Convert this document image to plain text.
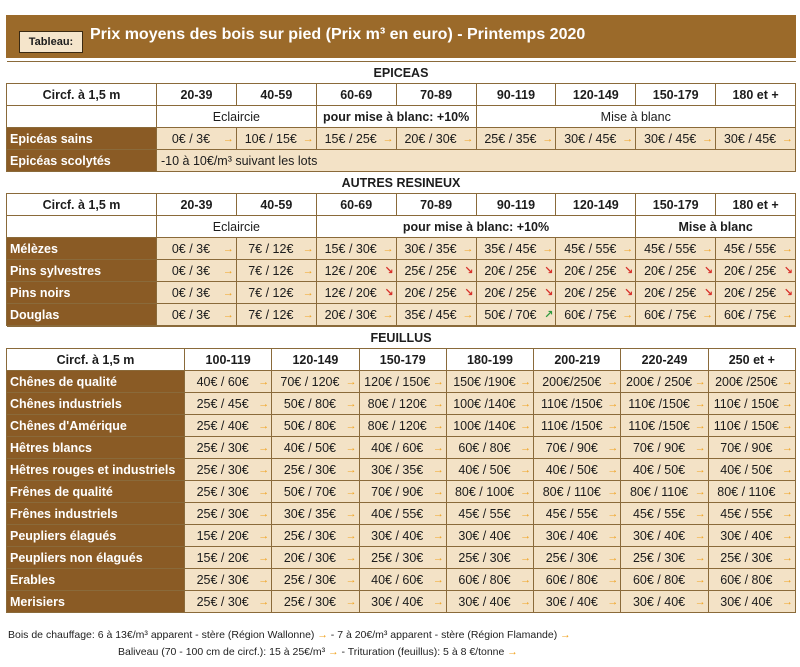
Tableau:	Prix moyens des bois sur pied (Prix m³ en euro) - Printemps 2020
EPICEAS								
Circf. à 1,5 m	20-39	40-59	60-69	70-89	90-119	120-149	150-179	180 et +
	Eclaircie		pour mise à blanc: +10%		Mise à blanc			
Epicéas sains	0€ / 3€ →	10€ / 15€ →	15€ / 25€ →	20€ / 30€ →	25€ / 35€ →	30€ / 45€ →	30€ / 45€ →	30€ / 45€ →

Epicéas scolytés	-10 à 10€/m³ suivant les lots							
AUTRES RESINEUX								
Circf. à 1,5 m	20-39	40-59	60-69	70-89	90-119	120-149	150-179	180 et +
	Eclaircie		pour mise à blanc: +10%				Mise à blanc	
Mélèzes	0€ / 3€ →	7€ / 12€ →	15€ / 30€ →	30€ / 35€ →	35€ / 45€ →	45€ / 55€ →	45€ / 55€ →	45€ / 55€ →

Pins sylvestres	0€ / 3€ →	7€ / 12€ →	12€ / 20€ ↘	25€ / 25€ ↘	20€ / 25€ ↘	20€ / 25€ ↘	20€ / 25€ ↘	20€ / 25€ ↘

Pins noirs	0€ / 3€ →	7€ / 12€ →	12€ / 20€ ↘	20€ / 25€ ↘	20€ / 25€ ↘	20€ / 25€ ↘	20€ / 25€ ↘	20€ / 25€ ↘

Douglas	0€ / 3€ →	7€ / 12€ →	20€ / 30€ →	35€ / 45€ →	50€ / 70€ ↗	60€ / 75€ →	60€ / 75€ →	60€ / 75€ →
FEUILLUS							
Circf. à 1,5 m	100-119	120-149	150-179	180-199	200-219	220-249	250 et +
Chênes de qualité	40€ / 60€ →	70€ / 120€ →	120€ / 150€ →	150€ /190€ →	200€/250€ →	200€ / 250€ →	200€ /250€ →

Chênes industriels	25€ / 45€ →	50€ / 80€ →	80€ / 120€ →	100€ /140€ →	110€ /150€ →	110€ /150€ →	110€ / 150€ →

Chênes d'Amérique	25€ / 40€ →	50€ / 80€ →	80€ / 120€ →	100€ /140€ →	110€ /150€ →	110€ /150€ →	110€ / 150€ →

Hêtres blancs	25€ / 30€ →	40€ / 50€ →	40€ / 60€ →	60€ / 80€ →	70€ / 90€ →	70€ / 90€ →	70€ / 90€ →

Hêtres rouges et industriels	25€ / 30€ →	25€ / 30€ →	30€ / 35€ →	40€ / 50€ →	40€ / 50€ →	40€ / 50€ →	40€ / 50€ →

Frênes de qualité	25€ / 30€ →	50€ / 70€ →	70€ / 90€ →	80€ / 100€ →	80€ / 110€ →	80€ / 110€ →	80€ / 110€ →

Frênes industriels	25€ / 30€ →	30€ / 35€ →	40€ / 55€ →	45€ / 55€ →	45€ / 55€ →	45€ / 55€ →	45€ / 55€ →

Peupliers élagués	15€ / 20€ →	25€ / 30€ →	30€ / 40€ →	30€ / 40€ →	30€ / 40€ →	30€ / 40€ →	30€ / 40€ →

Peupliers non élagués	15€ / 20€ →	20€ / 30€ →	25€ / 30€ →	25€ / 30€ →	25€ / 30€ →	25€ / 30€ →	25€ / 30€ →

Erables	25€ / 30€ →	25€ / 30€ →	40€ / 60€ →	60€ / 80€ →	60€ / 80€ →	60€ / 80€ →	60€ / 80€ →

Merisiers	25€ / 30€ →	25€ / 30€ →	30€ / 40€ →	30€ / 40€ →	30€ / 40€ →	30€ / 40€ →	30€ / 40€ →
Bois de chauffage: 6 à 13€/m³ apparent - stère (Région Wallonne) → - 7 à 20€/m³ apparent - stère (Région Flamande) →
Baliveau (70 - 100 cm de circf.): 15 à 25€/m³ → - Trituration (feuillus): 5 à 8 €/tonne →
